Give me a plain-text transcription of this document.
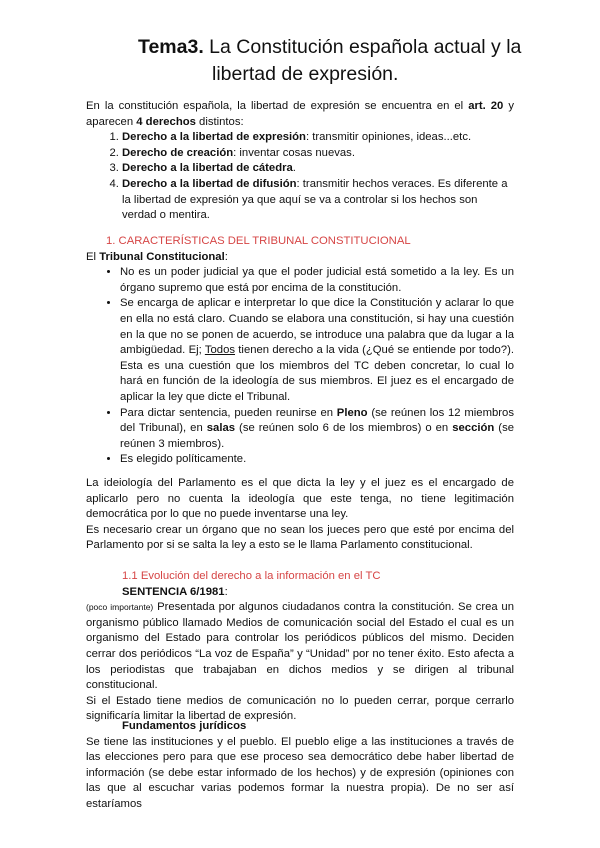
Tema3. La Constitución española actual y la
libertad de expresión.

En la constitución española, la libertad de expresión se encuentra en el art. 20 y aparecen 4 derechos distintos:

1. Derecho a la libertad de expresión: transmitir opiniones, ideas...etc.
2. Derecho de creación: inventar cosas nuevas.
3. Derecho a la libertad de cátedra.
4. Derecho a la libertad de difusión: transmitir hechos veraces. Es diferente a la libertad de expresión ya que aquí se va a controlar si los hechos son verdad o mentira.

1. CARACTERÍSTICAS DEL TRIBUNAL CONSTITUCIONAL

El Tribunal Constitucional:

• No es un poder judicial ya que el poder judicial está sometido a la ley. Es un órgano supremo que está por encima de la constitución.
• Se encarga de aplicar e interpretar lo que dice la Constitución y aclarar lo que en ella no está claro. Cuando se elabora una constitución, si hay una cuestión en la que no se ponen de acuerdo, se introduce una palabra que da lugar a la ambigüedad. Ej; Todos tienen derecho a la vida (¿Qué se entiende por todo?). Esta es una cuestión que los miembros del TC deben concretar, lo cual lo hará en función de la ideología de sus miembros. El juez es el encargado de aplicar la ley que dicte el Tribunal.
• Para dictar sentencia, pueden reunirse en Pleno (se reúnen los 12 miembros del Tribunal), en salas (se reúnen solo 6 de los miembros) o en sección (se reúnen 3 miembros).
• Es elegido políticamente.

La ideiología del Parlamento es el que dicta la ley y el juez es el encargado de aplicarlo pero no cuenta la ideología que este tenga, no tiene legitimación democrática por lo que no puede inventarse una ley.

Es necesario crear un órgano que no sean los jueces pero que esté por encima del Parlamento por si se salta la ley a esto se le llama Parlamento constitucional.

1.1 Evolución del derecho a la información en el TC

SENTENCIA 6/1981:

(poco importante) Presentada por algunos ciudadanos contra la constitución. Se crea un organismo público llamado Medios de comunicación social del Estado el cual es un organismo del Estado para controlar los periódicos públicos del mismo. Deciden cerrar dos periódicos “La voz de España” y “Unidad” por no tener éxito. Esto afecta a los periodistas que trabajaban en dichos medios y se dirigen al tribunal constitucional.

Si el Estado tiene medios de comunicación no lo pueden cerrar, porque cerrarlo significaría limitar la libertad de expresión.

Fundamentos jurídicos

Se tiene las instituciones y el pueblo. El pueblo elige a las instituciones a través de las elecciones pero para que ese proceso sea democrático debe haber libertad de información (se debe estar informado de los hechos) y de expresión (opiniones con las que al escuchar varias podemos formar la nuestra propia). De no ser así estaríamos
